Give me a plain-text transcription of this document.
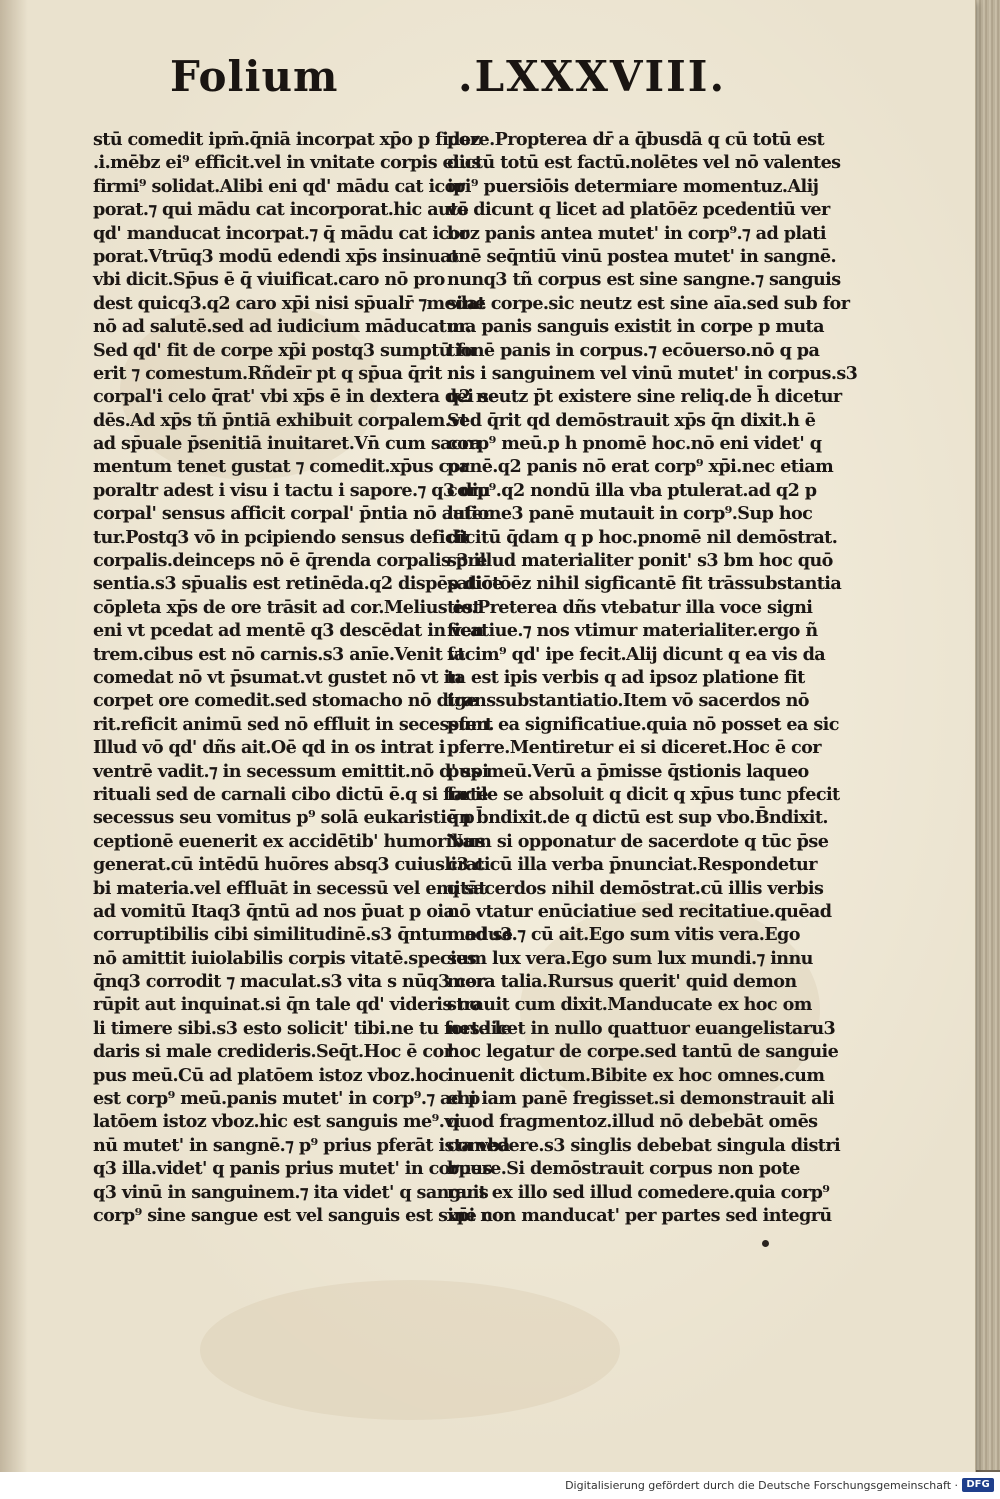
Folium	.LXXXVIII.
stū comedit ipm̄.q̄niā incorpat xp̄o p fidez
.i.mēbz ei⁹ efficit.vel in vnitate corpis eius
firmi⁹ solidat.Alibi eni qd' mādu cat icor
porat.⁊ qui mādu cat incorporat.hic autē
qd' manducat incorpat.⁊ q̄ mādu cat icor
porat.Vtrūq3 modū edendi xp̄s insinuat
vbi dicit.Sp̄us ē q̄ viuificat.caro nō pro
dest quicq3.q2 caro xp̄i nisi sp̄ualr̄ ⁊medat
nō ad salutē.sed ad iudicium māducatur.
Sed qd' fit de corpe xp̄i postq3 sumptū fu
erit ⁊ comestum.Rñdeīr pt q sp̄ua q̄rit
corpal'i celo q̄rat' vbi xp̄s ē in dextera dei se
dēs.Ad xp̄s tñ p̄ntiā exhibuit corpalem.vt
ad sp̄uale p̄senitiā inuitaret.Vn̄ cum sacra
mentum tenet gustat ⁊ comedit.xp̄us cor
poraltr adest i visu i tactu i sapore.⁊ q3 diu
corpal' sensus afficit corpal' p̄ntia nō aufer
tur.Postq3 vō in pcipiendo sensus deficit
corpalis.deinceps nō ē q̄renda corpalis pre
sentia.s3 sp̄ualis est retinēda.q2 dispēsatiōe
cōpleta xp̄s de ore trāsit ad cor.Melius est
eni vt pcedat ad mentē q3 descēdat in ven
trem.cibus est nō carnis.s3 anīe.Venit vt
comedat nō vt p̄sumat.vt gustet nō vt in
corpet ore comedit.sed stomacho nō dige
rit.reficit animū sed nō effluit in secessum.
Illud vō qd' dñs ait.Oē qd in os intrat i
ventrē vadit.⁊ in secessum emittit.nō d' spi
rituali sed de carnali cibo dictū ē.q si forte
secessus seu vomitus p⁹ solā eukaristie p
ceptionē euenerit ex accidētib' humoribus
generat.cū intēdū huōres absq3 cuiusli3 ci
bi materia.vel effluāt in secessū vel emitāt
ad vomitū Itaq3 q̄ntū ad nos p̄uat p oia
corruptibilis cibi similitudinē.s3 q̄ntum ad se
nō amittit iuiolabilis corpis vitatē.species
q̄nq3 corrodit ⁊ maculat.s3 vita s nūq3 cor
rūpit aut inquinat.si q̄n tale qd' videris no
li timere sibi.s3 esto solicit' tibi.ne tu forte le
daris si male credideris.Seq̄t.Hoc ē cor
pus meū.Cū ad platōem istoz vboz.hoc
est corp⁹ meū.panis mutet' in corp⁹.⁊ ad p
latōem istoz vboz.hic est sanguis me⁹.vi
nū mutet' in sangnē.⁊ p⁹ prius pferāt ista vba
q3 illa.videt' q panis prius mutet' in corpus
q3 vinū in sanguinem.⁊ ita videt' q sanguis
corp⁹ sine sangue est vel sanguis est sine cor
pore.Propterea dr̄ a q̄busdā q cū totū est
dictū totū est factū.nolētes vel nō valentes
ipi⁹ puersiōis determiare momentuz.Alij
vō dicunt q licet ad platōēz pcedentiū ver
boz panis antea mutet' in corp⁹.⁊ ad plati
onē seq̄ntiū vinū postea mutet' in sangnē.
nunq3 tñ corpus est sine sangne.⁊ sanguis
sine corpe.sic neutz est sine aīa.sed sub for
ma panis sanguis existit in corpe p muta
tionē panis in corpus.⁊ ecōuerso.nō q pa
nis i sanguinem vel vinū mutet' in corpus.s3
q2 neutz p̄t existere sine reliq.de h̄ dicetur
Sed q̄rit qd demōstrauit xp̄s q̄n dixit.h ē
corp⁹ meū.p h pnomē hoc.nō eni videt' q
panē.q2 panis nō erat corp⁹ xp̄i.nec etiam
corp⁹.q2 nondū illa vba ptulerat.ad q2 p
latione3 panē mutauit in corp⁹.Sup hoc
dicitū q̄dam q p hoc.pnomē nil demōstrat.
s3 illud materialiter ponit' s3 bm hoc quō
p dictōēz nihil sigficantē fit trāssubstantia
tio.Preterea dñs vtebatur illa voce signi
ficatiue.⁊ nos vtimur materialiter.ergo ñ
facim⁹ qd' ipe fecit.Alij dicunt q ea vis da
ta est ipis verbis q ad ipsoz platione fit
transsubstantiatio.Item vō sacerdos nō
pfert ea significatiue.quia nō posset ea sic
pferre.Mentiretur ei si diceret.Hoc ē cor
pus meū.Verū a p̄misse q̄stionis laqueo
facile se absoluit q dicit q xp̄us tunc pfecit
q̄n b̄ndixit.de q dictū est sup vbo.B̄ndixit.
Nam si opponatur de sacerdote q tūc p̄se
crat cū illa verba p̄nunciat.Respondetur
q sacerdos nihil demōstrat.cū illis verbis
nō vtatur enūciatiue sed recitatiue.quēad
modu3.⁊ cū ait.Ego sum vitis vera.Ego
sum lux vera.Ego sum lux mundi.⁊ innu
mera talia.Rursus querit' quid demon
strauit cum dixit.Manducate ex hoc om
nes.licet in nullo quattuor euangelistaru3
hoc legatur de corpe.sed tantū de sanguie
inuenit dictum.Bibite ex hoc omnes.cum
eni iam panē fregisset.si demonstrauit ali
quod fragmentoz.illud nō debebāt omēs
comedere.s3 singlis debebat singula distri
buere.Si demōstrauit corpus non pote
rant ex illo sed illud comedere.quia corp⁹
xp̄i non manducat' per partes sed integrū
Digitalisierung gefördert durch die Deutsche Forschungsgemeinschaft · DFG
